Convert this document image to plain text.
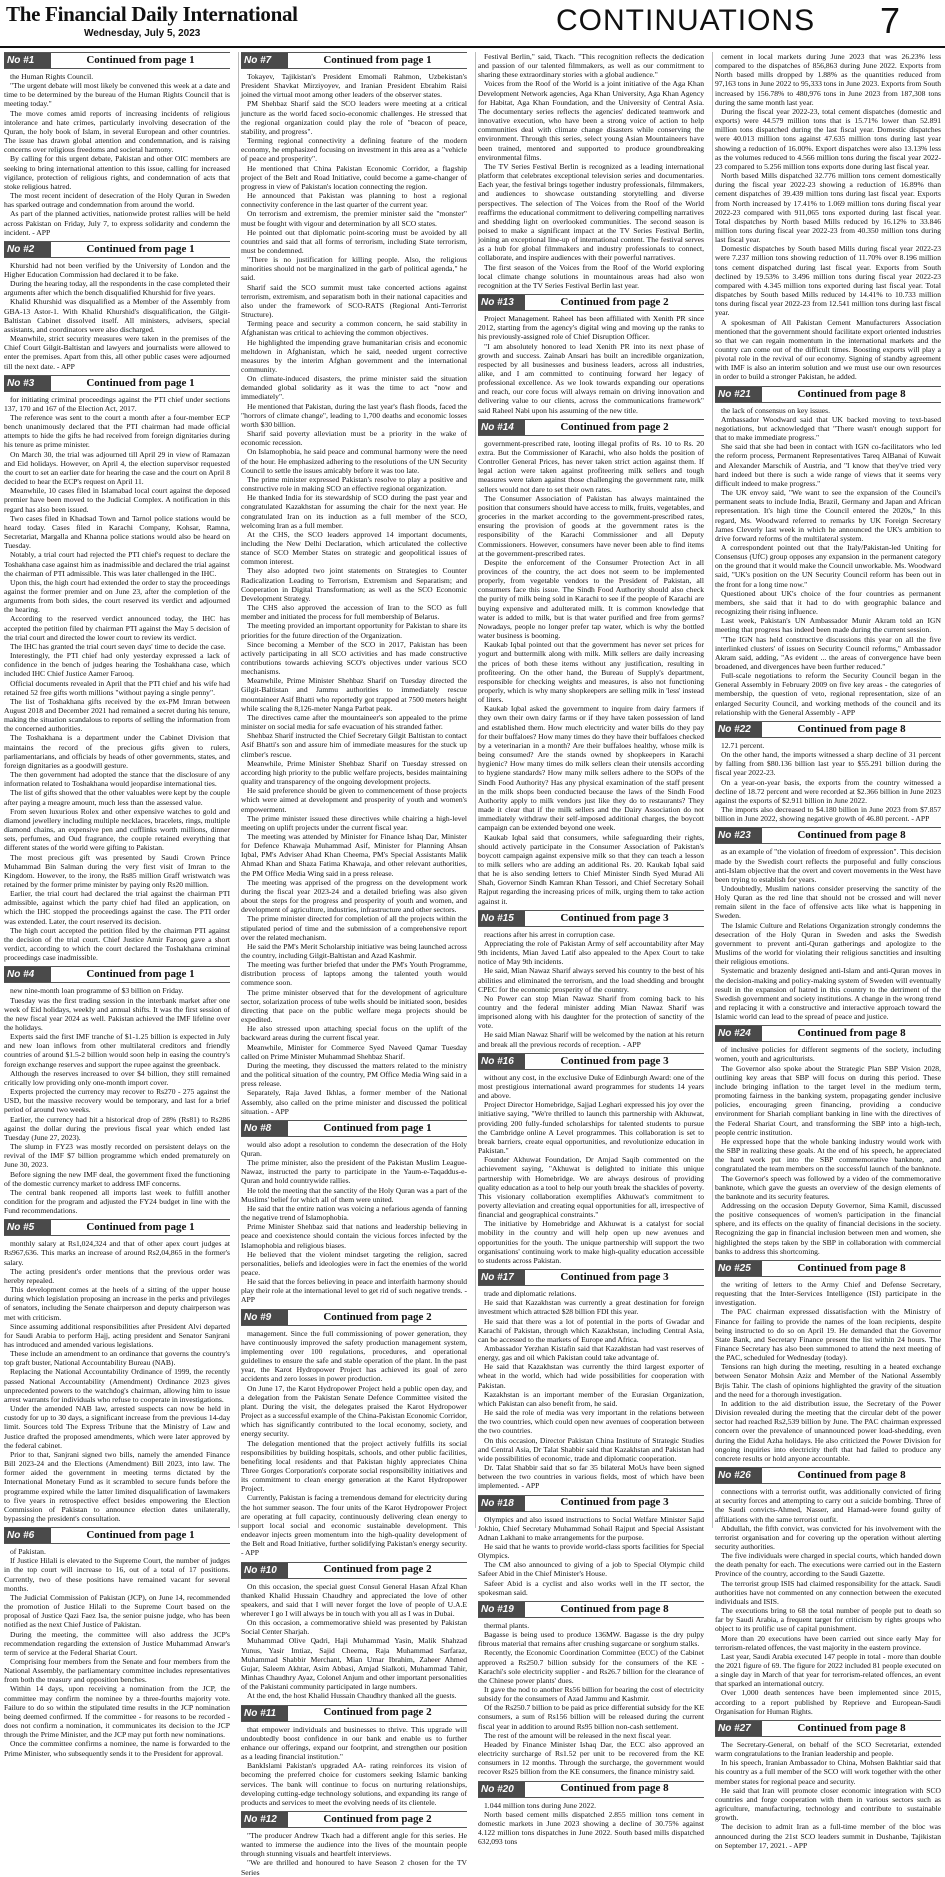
The Financial Daily International
Wednesday, July 5, 2023	CONTINUATIONS 7
No #1	Continued from page 1

the Human Rights Council.

"The urgent debate will most likely be convened this week at a date and time to be determined by the bureau of the Human Rights Council that is meeting today."

The move comes amid reports of increasing incidents of religious intolerance and hate crimes, particularly involving desecration of the Quran, the holy book of Islam, in several European and other countries. The issue has drawn global attention and condemnation, and is raising concerns over religious freedoms and societal harmony.

By calling for this urgent debate, Pakistan and other OIC members are seeking to bring international attention to this issue, calling for increased vigilance, protection of religious rights, and condemnation of acts that stoke religious hatred.

The most recent incident of desecration of the Holy Quran in Sweden has sparked outrage and condemnation from around the world.

As part of the planned activities, nationwide protest rallies will be held across Pakistan on Friday, July 7, to express solidarity and condemn the incident. - APP

No #2	Continued from page 1

Khurshid had not been verified by the University of London and the Higher Education Commission had declared it to be fake.

During the hearing today, all the respondents in the case completed their arguments after which the bench disqualified Khurshid for five years.

Khalid Khurshid was disqualified as a Member of the Assembly from GBA-13 Astor-1. With Khalid Khurshid's disqualification, the Gilgit-Baltistan Cabinet dissolved itself. All ministers, advisers, special assistants, and coordinators were also discharged.

Meanwhile, strict security measures were taken in the premises of the Chief Court Gilgit-Baltistan and lawyers and journalists were allowed to enter the premises. Apart from this, all other public cases were adjourned till the next date. - APP

No #3	Continued from page 1

for initiating criminal proceedings against the PTI chief under sections 137, 170 and 167 of the Election Act, 2017.

The reference was sent to the court a month after a four-member ECP bench unanimously declared that the PTI chairman had made official attempts to hide the gifts he had received from foreign dignitaries during his tenure as prime minister.

On March 30, the trial was adjourned till April 29 in view of Ramazan and Eid holidays. However, on April 4, the election supervisor requested the court to set an earlier date for hearing the case and the court on April 8 decided to hear the ECP's request on April 11.

Meanwhile, 10 cases filed in Islamabad local court against the deposed premier have been moved to the Judicial Complex. A notification in this regard has also been issued.

Two cases filed in Khadsad Town and Tarnol police stations would be heard today. Cases filed in Karachi Company, Kohsar, Ramna, Secretariat, Margalla and Khanna police stations would also be heard on Tuesday.

Notably, a trial court had rejected the PTI chief's request to declare the Toshakhana case against him as inadmissible and declared the trial against the chairman of PTI admissible. This was later challenged in the IHC.

Upon this, the high court had extended the order to stay the proceedings against the former premier and on June 23, after the completion of the arguments from both sides, the court reserved its verdict and adjourned the hearing.

According to the reserved verdict announced today, the IHC has accepted the petition filed by chairman PTI against the May 5 decision of the trial court and directed the lower court to review its verdict.

The IHC has granted the trial court seven days' time to decide the case.

Interestingly, the PTI chief had only yesterday expressed a lack of confidence in the bench of judges hearing the Toshakhana case, which included IHC Chief Justice Aamer Farooq.

Official documents revealed in April that the PTI chief and his wife had retained 52 free gifts worth millions "without paying a single penny".

The list of Toshakhana gifts received by the ex-PM Imran between August 2018 and December 2021 had remained a secret during his tenure, making the situation scandalous to reports of selling the information from the concerned authorities.

The Toshakhana is a department under the Cabinet Division that maintains the record of the precious gifts given to rulers, parliamentarians, and officials by heads of other governments, states, and foreign dignitaries as a goodwill gesture.

The then government had adopted the stance that the disclosure of any information related to Toshakhana would jeopardise international ties.

The list of gifts showed that the other valuables were kept by the couple after paying a meagre amount, much less than the assessed value.

From seven luxurious Rolex and other expensive watches to gold and diamond jewellery including multiple necklaces, bracelets, rings, multiple diamond chains, an expensive pen and cufflinks worth millions, dinner sets, perfumes, and Oud fragrance, the couple retained everything that different states of the world were gifting to Pakistan.

The most precious gift was presented by Saudi Crown Prince Muhammad Bin Salman during the very first visit of Imran to the Kingdom. However, to the irony, the Rs85 million Graff wristwatch was retained by the former prime minister by paying only Rs20 million.

Earlier, the trial court had declared the trial against the chairman PTI admissible, against which the party chief had filed an application, on which the IHC stopped the proceedings against the case. The PTI order was extended. Later, the court reserved its decision.

The high court accepted the petition filed by the chairman PTI against the decision of the trial court. Chief Justice Amir Farooq gave a short verdict, according to which the court declared the Toshakhana criminal proceedings case inadmissible.

No #4	Continued from page 1

new nine-month loan programme of $3 billion on Friday.

Tuesday was the first trading session in the interbank market after one week of Eid holidays, weekly and annual shifts. It was the first session of the new fiscal year 2024 as well. Pakistan achieved the IMF lifeline over the holidays.

Experts said the first IMF tranche of $1-1.25 billion is expected in July and new loan inflows from other multilateral creditors and friendly countries of around $1.5-2 billion would soon help in easing the country's foreign exchange reserves and support the rupee against the greenback.

Although the reserves increased to over $4 billion, they still remained critically low providing only one-month import cover.

Experts projected the currency may recover to Rs270 - 275 against the USD, but the massive recovery would be temporary, and last for a brief period of around two weeks.

Earlier, the currency had hit a historical drop of 28% (Rs81) to Rs286 against the dollar during the previous fiscal year which ended last Tuesday (June 27, 2023).

The slump in FY23 was mostly recorded on persistent delays on the revival of the IMF $7 billion programme which ended prematurely on June 30, 2023.

Before signing the new IMF deal, the government fixed the functioning of the domestic currency market to address IMF concerns.

The central bank reopened all imports last week to fulfill another condition for the program and adjusted the FY24 budget in line with the Fund recommendations.

No #5	Continued from page 1

monthly salary at Rs1,024,324 and that of other apex court judges at Rs967,636. This marks an increase of around Rs2,04,865 in the former's salary.

The acting president's order mentions that the previous order was hereby repealed.

This development comes at the heels of a sitting of the upper house during which legislation proposing an increase in the perks and privileges of senators, including the Senate chairperson and deputy chairperson was met with criticism.

Since assuming additional responsibilities after President Alvi departed for Saudi Arabia to perform Hajj, acting president and Senator Sanjrani has introduced and amended various legislations.

These include an amendment to an ordinance that governs the country's top graft buster, National Accountability Bureau (NAB).

Replacing the National Accountability Ordinance of 1999, the recently passed National Accountability (Amendment) Ordinance 2023 gives unprecedented powers to the watchdog's chairman, allowing him to issue arrest warrants for individuals who refuse to cooperate in investigations.

Under the amended NAB law, arrested suspects can now be held in custody for up to 30 days, a significant increase from the previous 14-day limit. Sources told The Express Tribune that the Ministry of Law and Justice drafted the proposed amendments, which were later approved by the federal cabinet.

Prior to that, Sanjrani signed two bills, namely the amended Finance Bill 2023-24 and the Elections (Amendment) Bill 2023, into law. The former aided the government in meeting terms dictated by the International Monetary Fund as it scrambled to secure funds before the programme expired while the latter limited disqualification of lawmakers to five years in retrospective effect besides empowering the Election Commission of Pakistan to announce election dates unilaterally, bypassing the president's consultation.

No #6	Continued from page 1

of Pakistan.

If Justice Hilali is elevated to the Supreme Court, the number of judges in the top court will increase to 16, out of a total of 17 positions. Currently, two of these positions have remained vacant for several months.

The Judicial Commission of Pakistan (JCP), on June 14, recommended the promotion of Justice Hilali to the Supreme Court based on the proposal of Justice Qazi Faez Isa, the senior puisne judge, who has been notified as the next Chief Justice of Pakistan.

During the meeting, the committee will also address the JCP's recommendation regarding the extension of Justice Muhammad Anwar's term of service at the Federal Shariat Court.

Comprising four members from the Senate and four members from the National Assembly, the parliamentary committee includes representatives from both the treasury and opposition benches.

Within 14 days, upon receiving a nomination from the JCP, the committee may confirm the nominee by a three-fourths majority vote. Failure to do so within the stipulated time results in the JCP nomination being deemed confirmed. If the committee - for reasons to be recorded - does not confirm a nomination, it communicates its decision to the JCP through the Prime Minister, and the JCP may put forth new nominations.

Once the committee confirms a nominee, the name is forwarded to the Prime Minister, who subsequently sends it to the President for approval.

No #7	Continued from page 1

Tokayev, Tajikistan's President Emomali Rahmon, Uzbekistan's President Shavkat Mirziyoyev, and Iranian President Ebrahim Raisi joined the virtual moot among other leaders of the observer states.

PM Shehbaz Sharif said the SCO leaders were meeting at a critical juncture as the world faced socio-economic challenges. He stressed that the regional organization could play the role of "beacon of peace, stability, and progress".

Terming regional connectivity a defining feature of the modern economy, he emphasized focusing on investment in this area as a "vehicle of peace and prosperity".

He mentioned that China Pakistan Economic Corridor, a flagship project of the Belt and Road Initiative, could become a game-changer of progress in view of Pakistan's location connecting the region.

He announced that Pakistan was planning to host a regional connectivity conference in the last quarter of the current year.

On terrorism and extremism, the premier minister said the "monster" must be fought with vigour and determination by all SCO states.

He pointed out that diplomatic point-scoring must be avoided by all countries and said that all forms of terrorism, including State terrorism, must be condemned.

"There is no justification for killing people. Also, the religious minorities should not be marginalized in the garb of political agenda," he said.

Sharif said the SCO summit must take concerted actions against terrorism, extremism, and separatism both in their national capacities and also under the framework of SCO-RATS (Regional Anti-Terrorist Structure).

Terming peace and security a common concern, he said stability in Afghanistan was critical to achieving the common objectives.

He highlighted the impending grave humanitarian crisis and economic meltdown in Afghanistan, which he said, needed urgent corrective measures by the interim Afghan government and the international community.

On climate-induced disasters, the prime minister said the situation demanded global solidarity as it was the time to act "now and immediately".

He mentioned that Pakistan, during the last year's flash floods, faced the "horrors of climate change", leading to 1,700 deaths and economic losses worth $30 billion.

Sharif said poverty alleviation must be a priority in the wake of economic recession.

On Islamophobia, he said peace and communal harmony were the need of the hour. He emphasized adhering to the resolutions of the UN Security Council to settle the issues amicably before it was too late.

The prime minister expressed Pakistan's resolve to play a positive and constructive role in making SCO an effective regional organization.

He thanked India for its stewardship of SCO during the past year and congratulated Kazakhstan for assuming the chair for the next year. He congratulated Iran on its induction as a full member of the SCO, welcoming Iran as a full member.

At the CHS, the SCO leaders approved 14 important documents, including the New Delhi Declaration, which articulated the collective stance of SCO Member States on strategic and geopolitical issues of common interest.

They also adopted two joint statements on Strategies to Counter Radicalization Leading to Terrorism, Extremism and Separatism; and Cooperation in Digital Transformation; as well as the SCO Economic Development Strategy.

The CHS also approved the accession of Iran to the SCO as full member and initiated the process for full membership of Belarus.

The meeting provided an important opportunity for Pakistan to share its priorities for the future direction of the Organization.

Since becoming a Member of the SCO in 2017, Pakistan has been actively participating in all SCO activities and has made constructive contributions towards achieving SCO's objectives under various SCO mechanisms.

Meanwhile, Prime Minister Shehbaz Sharif on Tuesday directed the Gilgit-Baltistan and Jammu authorities to immediately rescue mountaineer Asif Bhatti who reportedly got trapped at 7500 meters height while scaling the 8,126-meter Nanga Parbat peak.

The directives came after the mountaineer's son appealed to the prime minister on social media for safe evacuation of his stranded father.

Shehbaz Sharif instructed the Chief Secretary Gilgit Baltistan to contact Asif Bhatti's son and assure him of immediate measures for the stuck up climber's rescue.

Meanwhile, Prime Minister Shehbaz Sharif on Tuesday stressed on according high priority to the public welfare projects, besides maintaining quality and transparency of the ongoing development projects.

He said preference should be given to commencement of those projects which were aimed at development and prosperity of youth and women's empowerment.

The prime minister issued these directives while chairing a high-level meeting on uplift projects under the current fiscal year.

The meeting was attended by Minister for Finance Ishaq Dar, Minister for Defence Khawaja Muhammad Asif, Minister for Planning Ahsan Iqbal, PM's Adviser Ahad Khan Cheema, PM's Special Assistants Malik Ahmad Khan and Shaza Fatima Khawaja, and other relevant authorities, the PM Office Media Wing said in a press release.

The meeting was apprised of the progress on the development work during the fiscal year 2023-24 and a detailed briefing was also given about the steps for the progress and prosperity of youth and women, and development of agriculture, industries, infrastructure and other sectors.

The prime minister directed for completion of all the projects within the stipulated period of time and the submission of a comprehensive report over the related mechanism.

He said the PM's Merit Scholarship initiative was being launched across the country, including Gilgit-Baltistan and Azad Kashmir.

The meeting was further briefed that under the PM's Youth Programme, distribution process of laptops among the talented youth would commence soon.

The prime minister observed that for the development of agriculture sector, solarization process of tube wells should be initiated soon, besides directing that pace on the public welfare mega projects should be expedited.

He also stressed upon attaching special focus on the uplift of the backward areas during the current fiscal year.

Meanwhile, Minister for Commerce Syed Naveed Qamar Tuesday called on Prime Minister Muhammad Shehbaz Sharif.

During the meeting, they discussed the matters related to the ministry and the political situation of the country, PM Office Media Wing said in a press release.

Separately, Raja Javed Ikhlas, a former member of the National Assembly, also called on the prime minister and discussed the political situation. - APP

No #8	Continued from page 1

would also adopt a resolution to condemn the desecration of the Holy Quran.

The prime minister, also the president of the Pakistan Muslim League-Nawaz, instructed the party to participate in the Yaum-e-Taqaddus-e-Quran and hold countrywide rallies.

He told the meeting that the sanctity of the Holy Quran was a part of the Muslims' belief for which all of them were united.

He said that the entire nation was voicing a nefarious agenda of fanning the negative trend of Islamophobia.

Prime Minister Shehbaz said that nations and leadership believing in peace and coexistence should contain the vicious forces infected by the Islamophobia and religious biases.

He believed that the violent mindset targeting the religion, sacred personalities, beliefs and ideologies were in fact the enemies of the world peace.

He said that the forces believing in peace and interfaith harmony should play their role at the international level to get rid of such negative trends. - APP

No #9	Continued from page 2

management. Since the full commissioning of power generation, they have continuously improved the safety production management system, implementing over 100 regulations, procedures, and operational guidelines to ensure the safe and stable operation of the plant. In the past year, the Karot Hydropower Project has achieved its goal of zero accidents and zero losses in power production.

On June 17, the Karot Hydropower Project held a public open day, and a delegation from the Pakistan Senate Defence Committee visited the plant. During the visit, the delegates praised the Karot Hydropower Project as a successful example of the China-Pakistan Economic Corridor, which has significantly contributed to the local economy, society, and energy security.

The delegation mentioned that the project actively fulfills its social responsibilities by building hospitals, schools, and other public facilities, benefiting local residents and that Pakistan highly appreciates China Three Gorges Corporation's corporate social responsibility initiatives and its commitment to clean energy generation at the Karot Hydropower Project.

Currently, Pakistan is facing a tremendous demand for electricity during the hot summer season. The four units of the Karot Hydropower Project are operating at full capacity, continuously delivering clean energy to support local social and economic sustainable development. This endeavor injects green momentum into the high-quality development of the Belt and Road Initiative, further solidifying Pakistan's energy security. - APP

No #10	Continued from page 2

On this occasion, the special guest Consul General Hasan Afzal Khan thanked Khalid Hussain Chaudhry and appreciated the love of other speakers, and said that I will never forget the love of people of U.A.E wherever I go I will always be in touch with you all as I was in Dubai.

On this occasion, a commemorative shield was presented by Pakistan Social Center Sharjah.

Muhammad Olive Qadri, Haji Muhammad Yasin, Malik Shahzad Yunus, Yasir Imtiaz, Sajid Cheema, Raja Muhammad Sarfaraz, Muhammad Shabbir Merchant, Mian Umar Ibrahim, Zaheer Ahmed Gujar, Saleem Akhtar, Asim Abbasi, Amjad Sialkoti, Muhammad Tahir, Minhas Chaudhry Ayaz, Colonel Anjum and other important personalities of the Pakistani community participated in large numbers.

At the end, the host Khalid Hussain Chaudhry thanked all the guests.

No #11	Continued from page 2

that empower individuals and businesses to thrive. This upgrade will undoubtedly boost confidence in our bank and enable us to further enhance our offerings, expand our footprint, and strengthen our position as a leading financial institution."

BankIslami Pakistan's upgraded AA- rating reinforces its vision of becoming the preferred choice for customers seeking Islamic banking services. The bank will continue to focus on nurturing relationships, developing cutting-edge technology solutions, and expanding its range of products and services to meet the evolving needs of its clientele.

No #12	Continued from page 2

"The producer Andrew Tkach had a different angle for this series. He wanted to immerse the audience into the lives of the mountain people through stunning visuals and heartfelt interviews.

"We are thrilled and honoured to have Season 2 chosen for the TV Series

Festival Berlin," said, Tkach. "This recognition reflects the dedication and passion of our talented filmmakers, as well as our commitment to sharing these extraordinary stories with a global audience."

Voices from the Roof of the World is a joint initiative of the Aga Khan Development Network agencies, Aga Khan University, Aga Khan Agency for Habitat, Aga Khan Foundation, and the University of Central Asia. The documentary series reflects the agencies' dedicated teamwork and innovative execution, who have been a strong voice of action to help communities deal with climate change disasters while conserving the environment. Through this series, select young Asian Mountaineers have been trained, mentored and supported to produce groundbreaking environmental films.

The TV Series Festival Berlin is recognized as a leading international platform that celebrates exceptional television series and documentaries. Each year, the festival brings together industry professionals, filmmakers, and audiences to showcase outstanding storytelling and diverse perspectives. The selection of The Voices from the Roof of the World reaffirms the educational commitment to delivering compelling narratives and shedding light on overlooked communities. The second season is poised to make a significant impact at the TV Series Festival Berlin, joining an exceptional line-up of international content. The festival serves as a hub for global filmmakers and industry professionals to connect, collaborate, and inspire audiences with their powerful narratives.

The first season of the Voices from the Roof of the World exploring local climate change solutions in mountainous areas had also won recognition at the TV Series Festival Berlin last year.

No #13	Continued from page 2

Project Management. Raheel has been affiliated with Xenith PR since 2012, starting from the agency's digital wing and moving up the ranks to his previously-assigned role of Chief Disruption Officer.

"I am absolutely honored to lead Xenith PR into its next phase of growth and success. Zainab Ansari has built an incredible organization, respected by all businesses and business leaders, across all industries, alike, and I am committed to continuing forward her legacy of professional excellence. As we look towards expanding our operations and reach, our core focus will always remain on driving innovation and delivering value to our clients, across the communications framework" said Raheel Nabi upon his assuming of the new title.

No #14	Continued from page 2

government-prescribed rate, looting illegal profits of Rs. 10 to Rs. 20 extra. But the Commissioner of Karachi, who also holds the position of Controller General Prices, has never taken strict action against them. If legal action were taken against profiteering milk sellers and tough measures were taken against those challenging the government rate, milk sellers would not dare to set their own rates.

The Consumer Association of Pakistan has always maintained the position that consumers should have access to milk, fruits, vegetables, and groceries in the market according to the government-prescribed rates, ensuring the provision of goods at the government rates is the responsibility of the Karachi Commissioner and all Deputy Commissioners. However, consumers have never been able to find items at the government-prescribed rates.

Despite the enforcement of the Consumer Protection Act in all provinces of the country, the act does not seem to be implemented properly, from vegetable vendors to the President of Pakistan, all consumers face this issue. The Sindh Food Authority should also check the purity of milk being sold in Karachi to see if the people of Karachi are buying expensive and adulterated milk. It is common knowledge that water is added to milk, but is that water purified and free from germs? Nowadays, people no longer prefer tap water, which is why the bottled water business is booming.

Kaukab Iqbal pointed out that the government has never set prices for yogurt and buttermilk along with milk. Milk sellers are daily increasing the prices of both these items without any justification, resulting in profiteering. On the other hand, the Bureau of Supply's department, responsible for checking weights and measures, is also not functioning properly, which is why many shopkeepers are selling milk in 'less' instead of liters.

Kaukab Iqbal asked the government to inquire from dairy farmers if they own their own dairy farms or if they have taken possession of land and established them. How much electricity and water bills do they pay for their buffaloes? How many times do they have their buffaloes checked by a veterinarian in a month? Are their buffaloes healthy, whose milk is being consumed? Are the stands owned by shopkeepers in Karachi hygienic? How many times do milk sellers clean their utensils according to hygiene standards? How many milk sellers adhere to the SOPs of the Sindh Food Authority? Has any physical examination of the staff present in the milk shops been conducted because the laws of the Sindh Food Authority apply to milk vendors just like they do to restaurants? They made it clear that if the milk sellers and the Dairy Association do not immediately withdraw their self-imposed additional charges, the boycott campaign can be extended beyond one week.

Kaukab Iqbal said that consumers, while safeguarding their rights, should actively participate in the Consumer Association of Pakistan's boycott campaign against expensive milk so that they can teach a lesson to milk sellers who are adding an additional Rs. 20. Kaukab Iqbal said that he is also sending letters to Chief Minister Sindh Syed Murad Ali Shah, Governor Sindh Kamran Khan Tessori, and Chief Secretary Sohail Rajput regarding the increasing prices of milk, urging them to take action against it.

No #15	Continued from page 3

reactions after his arrest in corruption case.

Appreciating the role of Pakistan Army of self accountability after May 9th incidents, Mian Javed Latif also appealed to the Apex Court to take notice of May 9th incidents.

He said, Mian Nawaz Sharif always served his country to the best of his abilities and eliminated the terrorism, and the load shedding and brought CPEC for the economic prosperity of the country.

No Power can stop Mian Nawaz Sharif from coming back to his country and the federal minister adding Mian Nawaz Sharif was imprisoned along with his daughter for the protection of sanctity of the vote.

He said Mian Nawaz Sharif will be welcomed by the nation at his return and break all the previous records of reception. - APP

No #16	Continued from page 3

without any cost, in the exclusive Duke of Edinburgh Award: one of the most prestigious international award programmes for students 14 years and above.

Project Director Homebridge, Sajjad Leghari expressed his joy over the initiative saying, "We're thrilled to launch this partnership with Akhuwat, providing 200 fully-funded scholarships for talented students to pursue the Cambridge online A Level programmes. This collaboration is set to break barriers, create equal opportunities, and revolutionize education in Pakistan."

Founder Akhuwat Foundation, Dr Amjad Saqib commented on the achievement saying, "Akhuwat is delighted to initiate this unique partnership with Homebridge. We are always desirous of providing quality education as a tool to help our youth break the shackles of poverty. This visionary collaboration exemplifies Akhuwat's commitment to poverty alleviation and creating equal opportunities for all, irrespective of financial and geographical constraints."

The initiative by Homebridge and Akhuwat is a catalyst for social mobility in the country and will help open up new avenues and opportunities for the youth. The unique partnership will support the two organisations' continuing work to make high-quality education accessible to students across Pakistan.

No #17	Continued from page 3

trade and diplomatic relations.

He said that Kazakhstan was currently a great destination for foreign investment which attracted $28 billion FDI this year.

He said that there was a lot of potential in the ports of Gwadar and Karachi of Pakistan, through which Kazakhstan, including Central Asia, can be accessed to the markets of Europe and Africa.

Ambassador Yerzhan Kistafin said that Kazakhstan had vast reserves of energy, gas and oil which Pakistan could take advantage of.

He said that Kazakhstan was currently the third largest exporter of wheat in the world, which had wide possibilities for cooperation with Pakistan.

Kazakhstan is an important member of the Eurasian Organization, which Pakistan can also benefit from, he said.

He said the role of media was very important in the relations between the two countries, which could open new avenues of cooperation between the two countries.

On this occasion, Director Pakistan China Institute of Strategic Studies and Central Asia, Dr Talat Shabbir said that Kazakhstan and Pakistan had wide possibilities of economic, trade and diplomatic cooperation.

Dr. Talat Shabbir said that so far 35 bilateral MoUs have been signed between the two countries in various fields, most of which have been implemented. - APP

No #18	Continued from page 3

Olympics and also issued instructions to Social Welfare Minister Sajid Jokhio, Chief Secretary Muhammad Sohail Rajput and Special Assistant Adnan Lakhani to make arrangements for the purpose.

He said that he wants to provide world-class sports facilities for Special Olympics.

The CM also announced to giving of a job to Special Olympic child Safeer Abid in the Chief Minister's House.

Safeer Abid is a cyclist and also works well in the IT sector, the spokesman said.

No #19	Continued from page 8

thermal plants.

Bagasse is being used to produce 136MW. Bagasse is the dry pulpy fibrous material that remains after crushing sugarcane or sorghum stalks.

Recently, the Economic Coordination Committee (ECC) of the Cabinet approved a Rs250.7 billion subsidy for the consumers of the KE - Karachi's sole electricity supplier - and Rs26.7 billion for the clearance of the Chinese power plants' dues.

It gave the nod to another Rs56 billion for bearing the cost of electricity subsidy for the consumers of Azad Jammu and Kashmir.

Of the Rs250.7 billion to be paid as price differential subsidy for the KE consumers, a sum of Rs156 billion will be released during the current fiscal year in addition to around Rs95 billion non-cash settlement.

The rest of the amount will be released in the next fiscal year.

Headed by Finance Minister Ishaq Dar, the ECC also approved an electricity surcharge of Rs1.52 per unit to be recovered from the KE consumers in 12 months. Through the surcharge, the government would recover Rs25 billion from the KE consumers, the finance ministry said.

No #20	Continued from page 8

1.044 million tons during June 2022.

North based cement mills dispatched 2.855 million tons cement in domestic markets in June 2023 showing a decline of 30.75% against 4.122 million tons dispatches in June 2022. South based mills dispatched 632,093 tons

cement in local markets during June 2023 that was 26.23% less compared to the dispatches of 856,863 during June 2022. Exports from North based mills dropped by 1.88% as the quantities reduced from 97,163 tons in June 2022 to 95,333 tons in June 2023. Exports from South increased by 156.78% to 480,976 tons in June 2023 from 187,308 tons during the same month last year.

During the fiscal year 2022-23, total cement dispatches (domestic and exports) were 44.579 million tons that is 15.71% lower than 52.891 million tons dispatched during the last fiscal year. Domestic dispatches were 40.013 million tons against 47.635 million tons during last year showing a reduction of 16.00%. Export dispatches were also 13.13% less as the volumes reduced to 4.566 million tons during the fiscal year 2022-23 compared to 5.256 million tons exports done during last fiscal year.

North based Mills dispatched 32.776 million tons cement domestically during the fiscal year 2022-23 showing a reduction of 16.89% than cement dispatches of 39.439 million tons during last fiscal year. Exports from North increased by 17.41% to 1.069 million tons during fiscal year 2022-23 compared with 911,065 tons exported during last fiscal year. Total dispatches by North based Mills reduced by 16.12% to 33.846 million tons during fiscal year 2022-23 from 40.350 million tons during last fiscal year.

Domestic dispatches by South based Mills during fiscal year 2022-23 were 7.237 million tons showing reduction of 11.70% over 8.196 million tons cement dispatched during last fiscal year. Exports from South declined by 19.53% to 3.496 million tons during fiscal year 2022-23 compared with 4.345 million tons exported during last fiscal year. Total dispatches by South based Mills reduced by 14.41% to 10.733 million tons during fiscal year 2022-23 from 12.541 million tons during last fiscal year.

A spokesman of All Pakistan Cement Manufacturers Association mentioned that the government should facilitate export oriented industries so that we can regain momentum in the international markets and the country can come out of the difficult times. Boosting exports will play a pivotal role in the revival of our economy. Signing of standby agreement with IMF is also an interim solution and we must use our own resources in order to build a stronger Pakistan, he added.

No #21	Continued from page 8

the lack of consensus on key issues.

Ambassador Woodward said that UK backed moving to text-based negotiations, but acknowledged that "There wasn't enough support for that to make immediate progress."

She said that she had been in contact with IGN co-facilitators who led the reform process, Permanent Representatives Tareq AlBanai of Kuwait and Alexander Marschik of Austria, and "I know that they've tried very hard indeed but there is such a wide range of views that it seems very difficult indeed to make progress."

The UK envoy said, "We want to see the expansion of the Council's permanent seats to include India, Brazil, Germany and Japan and African representation. It's high time the Council entered the 2020s," In this regard, Ms. Woodward referred to remarks by UK Foreign Secretary James Cleverly last week in which he announced the UK's ambition to drive forward reforms of the multilateral system.

A correspondent pointed out that the Italy/Pakistan-led Uniting for Consensus (UfC) group opposes any expansion in the permanent category on the ground that it would make the Council unworkable. Ms. Woodward said, "UK's position on the UN Security Council reform has been out in the front for a long time now."

Questioned about UK's choice of the four countries as permanent members, she said that it had to do with geographic balance and recognizing their rising influence.

Last week, Pakistan's UN Ambassador Munir Akram told an IGN meeting that progress has indeed been made during the current session.

"The IGN has held constructive discussions this year on all the five interlinked clusters' of issues on Security Council reforms," Ambassador Akram said, adding, "As evident ... the areas of convergence have been broadened, and divergences have been further reduced."

Full-scale negotiations to reform the Security Council began in the General Assembly in February 2009 on five key areas - the categories of membership, the question of veto, regional representation, size of an enlarged Security Council, and working methods of the council and its relationship with the General Assembly - APP

No #22	Continued from page 8

12.71 percent.

On the other hand, the imports witnessed a sharp decline of 31 percent by falling from $80.136 billion last year to $55.291 billion during the fiscal year 2022-23.

On a year-on-year basis, the exports from the country witnessed a decline of 18.72 percent and were recorded at $2.366 billion in June 2023 against the exports of $2.911 billion in June 2022.

The imports also decreased to $4.180 billion in June 2023 from $7.857 billion in June 2022, showing negative growth of 46.80 percent. - APP

No #23	Continued from page 8

as an example of "the violation of freedom of expression". This decision made by the Swedish court reflects the purposeful and fully conscious anti-Islam objective that the overt and covert movements in the West have been trying to establish for years.

Undoubtedly, Muslim nations consider preserving the sanctity of the Holy Quran as the red line that should not be crossed and will never remain silent in the face of offensive acts like what is happening in Sweden.

The Islamic Culture and Relations Organization strongly condemns the desecration of the Holy Quran in Sweden and asks the Swedish government to prevent anti-Quran gatherings and apologize to the Muslims of the world for violating their religious sanctities and insulting their religious emotions.

Systematic and brazenly designed anti-Islam and anti-Quran moves in the decision-making and policy-making system of Sweden will eventually result in the expansion of hatred in this country to the detriment of the Swedish government and society institutions. A change in the wrong trend and replacing it with a constructive and interactive approach toward the Islamic world can lead to the spread of peace and justice.

No #24	Continued from page 8

of inclusive policies for different segments of the society, including women, youth and agriculturists.

The Governor also spoke about the Strategic Plan SBP Vision 2028, outlining key areas that SBP will focus on during this period. These include bringing inflation to the target level in the medium term, promoting fairness in the banking system, propagating gender inclusive policies, encouraging green financing, providing a conducive environment for Shariah compliant banking in line with the directives of the Federal Shariat Court, and transforming the SBP into a high-tech, people centric institution.

He expressed hope that the whole banking industry would work with the SBP in realizing these goals. At the end of his speech, he appreciated the hard work put into the SBP commemorative banknote, and congratulated the team members on the successful launch of the banknote.

The Governor's speech was followed by a video of the commemorative banknote, which gave the guests an overview of the design elements of the banknote and its security features.

Addressing on the occasion Deputy Governor, Sima Kamil, discussed the positive consequences of women's participation in the financial sphere, and its effects on the quality of financial decisions in the society. Recognizing the gap in financial inclusion between men and women, she highlighted the steps taken by the SBP in collaboration with commercial banks to address this shortcoming.

No #25	Continued from page 8

the writing of letters to the Army Chief and Defense Secretary, requesting that the Inter-Services Intelligence (ISI) participate in the investigation.

The PAC chairman expressed dissatisfaction with the Ministry of Finance for failing to provide the names of the loan recipients, despite being instructed to do so on April 19. He demanded that the Governor State Bank, and Secretary Finance present the list within 24 hours. The Finance Secretary has also been summoned to attend the next meeting of the PAC, scheduled for Wednesday (today).

Tensions ran high during the meeting, resulting in a heated exchange between Senator Mohsin Aziz and Member of the National Assembly Brjis Tahir. The clash of opinions highlighted the gravity of the situation and the need for a thorough investigation.

In addition to the aid distribution issue, the Secretary of the Power Division revealed during the meeting that the circular debt of the power sector had reached Rs2,539 billion by June. The PAC chairman expressed concern over the prevalence of unannounced power load-shedding, even during the Eidul Azha holidays. He also criticized the Power Division for ongoing inquiries into electricity theft that had failed to produce any concrete results or hold anyone accountable.

No #26	Continued from page 8

connections with a terrorist outfit, was additionally convicted of firing at security forces and attempting to carry out a suicide bombing. Three of the Saudi convicts-Ahmed, Nasser, and Hamad-were found guilty of affiliations with the same terrorist outfit.

Abdullah, the fifth convict, was convicted for his involvement with the terrorist organisation and for covering up the operation without alerting security authorities.

The five individuals were charged in special courts, which handed down the death penalty for each. The executions were carried out in the Eastern Province of the country, according to the Saudi Gazette.

The terrorist group ISIS had claimed responsibility for the attack. Saudi authorities have not commented on any connection between the executed individuals and ISIS.

The executions bring to 68 the total number of people put to death so far by Saudi Arabia, a frequent target for criticism by rights groups who object to its prolific use of capital punishment.

More than 20 executions have been carried out since early May for terrorism-related offences, the vast majority in the eastern province.

Last year, Saudi Arabia executed 147 people in total - more than double the 2021 figure of 69. The figure for 2022 included 81 people executed on a single day in March of that year for terrorism-related offences, an event that sparked an international outcry.

Over 1,000 death sentences have been implemented since 2015, according to a report published by Reprieve and European-Saudi Organisation for Human Rights.

No #27	Continued from page 8

The Secretary-General, on behalf of the SCO Secretariat, extended warm congratulations to the Iranian leadership and people.

In his speech, Iranian Ambassador to China, Mohsen Bakhtiar said that his country as a full member of the SCO will work together with the other member states for regional peace and security.

He said that Iran will promote closer economic integration with SCO countries and forge cooperation with them in various sectors such as agriculture, manufacturing, technology and contribute to sustainable growth.

The decision to admit Iran as a full-time member of the bloc was announced during the 21st SCO leaders summit in Dushanbe, Tajikistan on September 17, 2021. - APP
